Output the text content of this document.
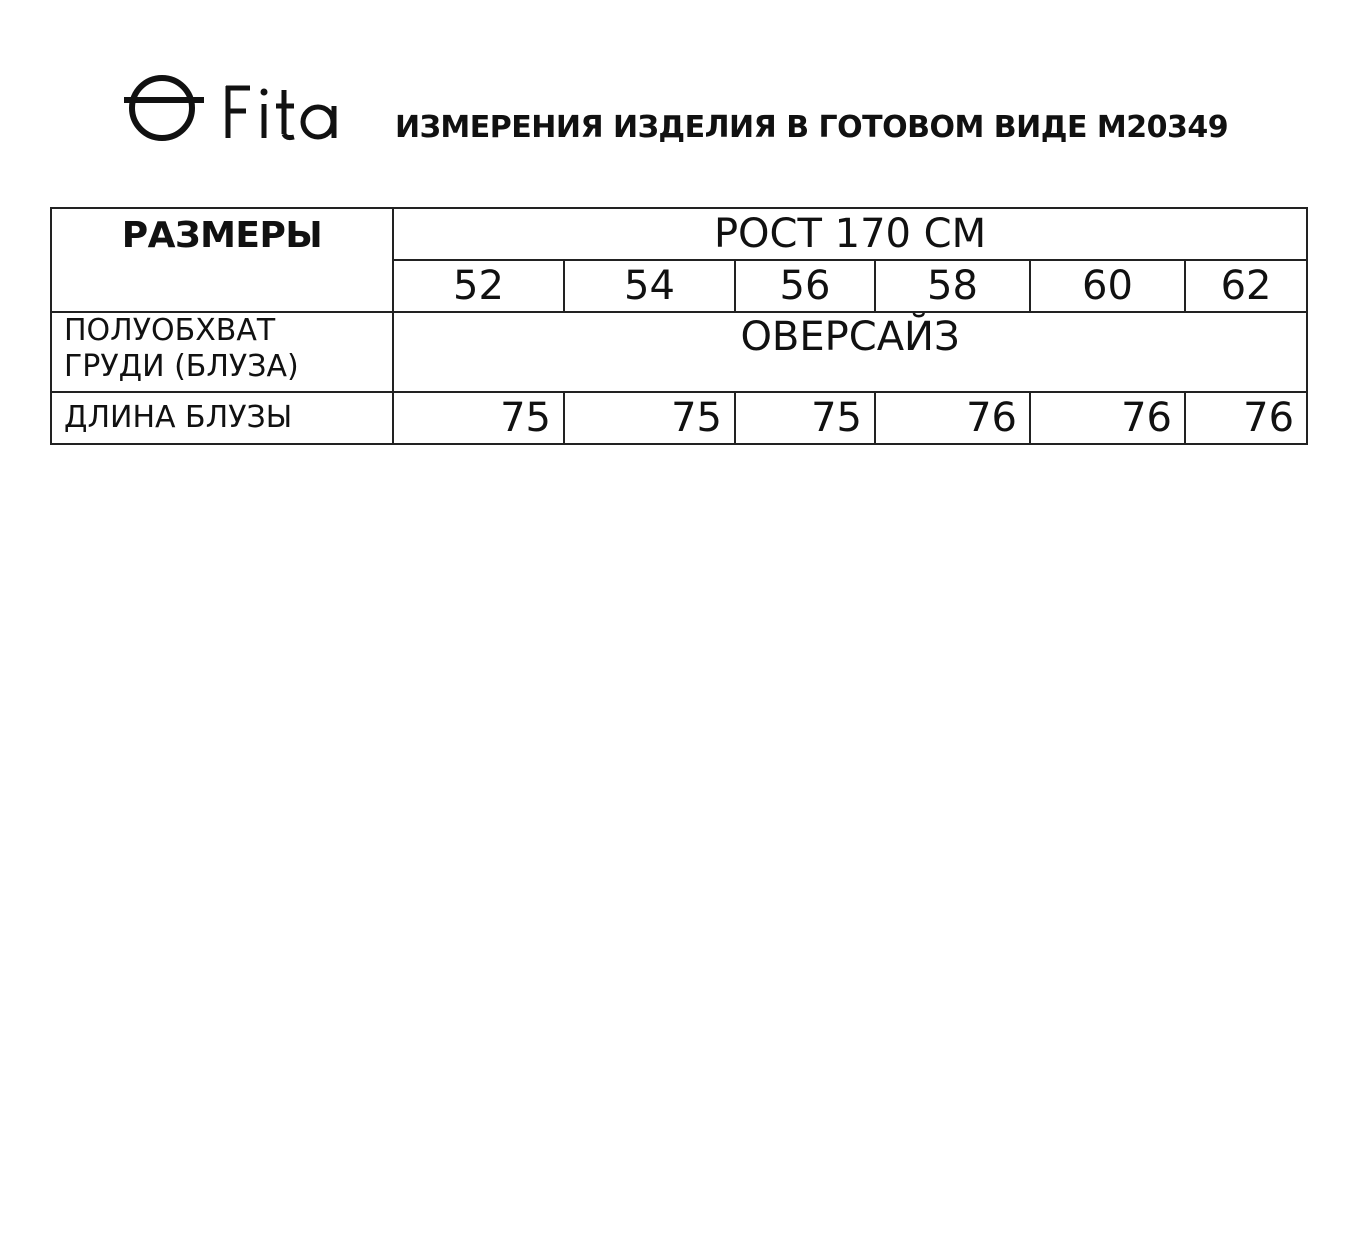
ИЗМЕРЕНИЯ ИЗДЕЛИЯ В ГОТОВОМ ВИДЕ М20349
РАЗМЕРЫ	РОСТ 170 СМ					
	52	54	56	58	60	62

ПОЛУОБХВАТ
ГРУДИ (БЛУЗА)	ОВЕРСАЙЗ					
ДЛИНА БЛУЗЫ	75	75	75	76	76	76
